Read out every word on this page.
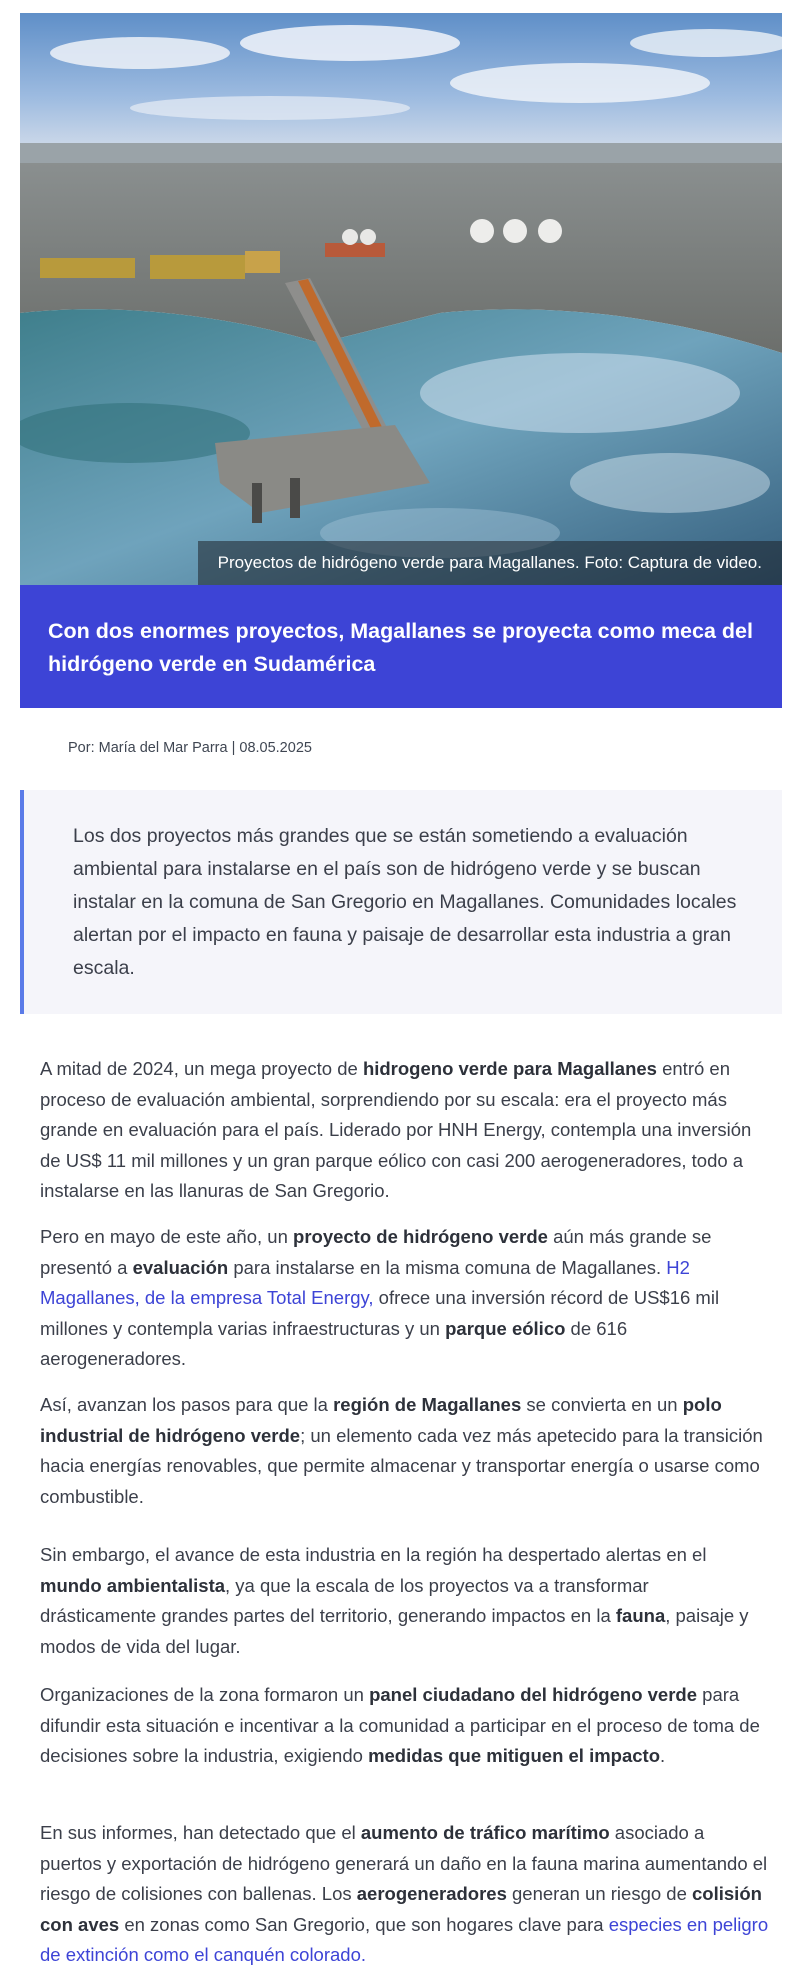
Proyectos de hidrógeno verde para Magallanes. Foto: Captura de video.
Con dos enormes proyectos, Magallanes se proyecta como meca del hidrógeno verde en Sudamérica
Por: María del Mar Parra | 08.05.2025

Los dos proyectos más grandes que se están sometiendo a evaluación ambiental para instalarse en el país son de hidrógeno verde y se buscan instalar en la comuna de San Gregorio en Magallanes. Comunidades locales alertan por el impacto en fauna y paisaje de desarrollar esta industria a gran escala.

A mitad de 2024, un mega proyecto de hidrogeno verde para Magallanes entró en proceso de evaluación ambiental, sorprendiendo por su escala: era el proyecto más grande en evaluación para el país. Liderado por HNH Energy, contempla una inversión de US$ 11 mil millones y un gran parque eólico con casi 200 aerogeneradores, todo a instalarse en las llanuras de San Gregorio.

Pero en mayo de este año, un proyecto de hidrógeno verde aún más grande se presentó a evaluación para instalarse en la misma comuna de Magallanes. H2 Magallanes, de la empresa Total Energy, ofrece una inversión récord de US$16 mil millones y contempla varias infraestructuras y un parque eólico de 616 aerogeneradores.

Así, avanzan los pasos para que la región de Magallanes se convierta en un polo industrial de hidrógeno verde; un elemento cada vez más apetecido para la transición hacia energías renovables, que permite almacenar y transportar energía o usarse como combustible.

Sin embargo, el avance de esta industria en la región ha despertado alertas en el mundo ambientalista, ya que la escala de los proyectos va a transformar drásticamente grandes partes del territorio, generando impactos en la fauna, paisaje y modos de vida del lugar.

Organizaciones de la zona formaron un panel ciudadano del hidrógeno verde para difundir esta situación e incentivar a la comunidad a participar en el proceso de toma de decisiones sobre la industria, exigiendo medidas que mitiguen el impacto.

En sus informes, han detectado que el aumento de tráfico marítimo asociado a puertos y exportación de hidrógeno generará un daño en la fauna marina aumentando el riesgo de colisiones con ballenas. Los aerogeneradores generan un riesgo de colisión con aves en zonas como San Gregorio, que son hogares clave para especies en peligro de extinción como el canquén colorado.
